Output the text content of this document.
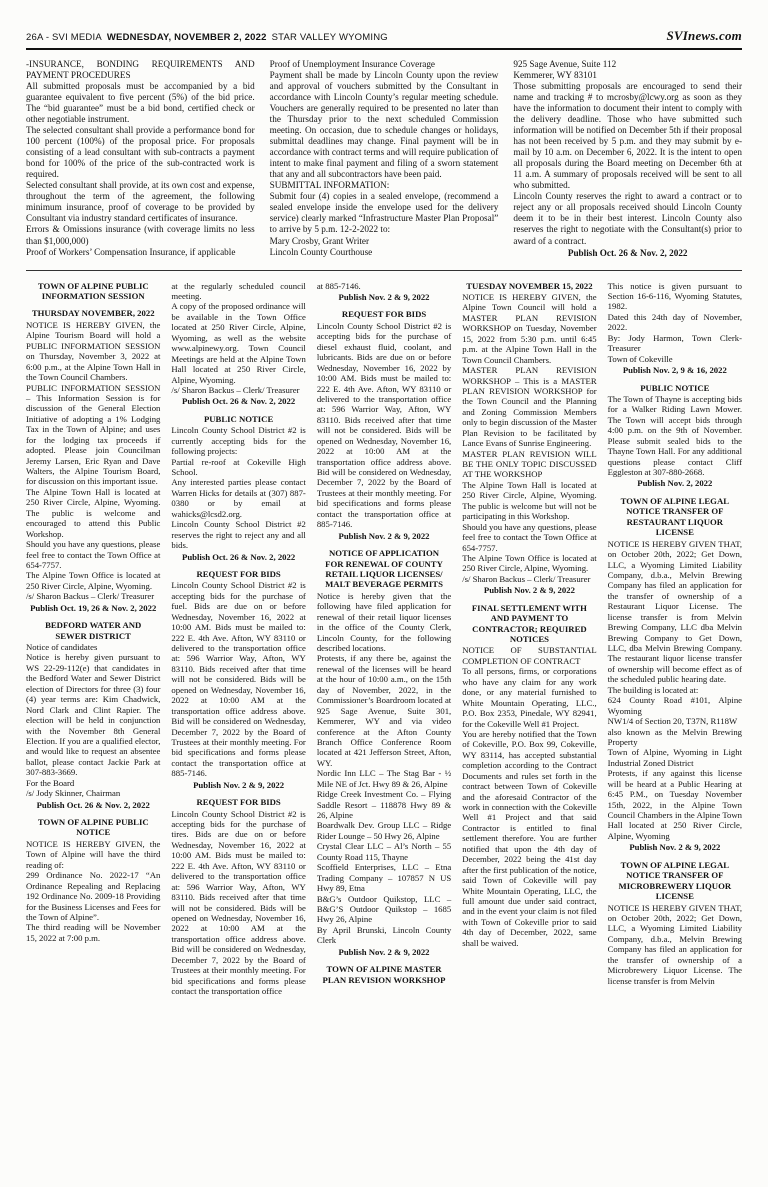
26A - SVI MEDIA WEDNESDAY, NOVEMBER 2, 2022 STAR VALLEY WYOMING	SVInews.com
-INSURANCE, BONDING REQUIREMENTS AND PAYMENT PROCEDURES
All submitted proposals must be accompanied by a bid guarantee equivalent to five percent (5%) of the bid price. The “bid guarantee” must be a bid bond, certified check or other negotiable instrument.
The selected consultant shall provide a performance bond for 100 percent (100%) of the proposal price. For proposals consisting of a lead consultant with sub-contracts a payment bond for 100% of the price of the sub-contracted work is required.
Selected consultant shall provide, at its own cost and expense, throughout the term of the agreement, the following minimum insurance, proof of coverage to be provided by Consultant via industry standard certificates of insurance.
Errors & Omissions insurance (with coverage limits no less than $1,000,000)
Proof of Workers’ Compensation Insurance, if applicable
Proof of Unemployment Insurance Coverage
Payment shall be made by Lincoln County upon the review and approval of vouchers submitted by the Consultant in accordance with Lincoln County’s regular meeting schedule. Vouchers are generally required to be presented no later than the Thursday prior to the next scheduled Commission meeting. On occasion, due to schedule changes or holidays, submittal deadlines may change. Final payment will be in accordance with contract terms and will require publication of intent to make final payment and filing of a sworn statement that any and all subcontractors have been paid.
SUBMITTAL INFORMATION:
Submit four (4) copies in a sealed envelope, (recommend a sealed envelope inside the envelope used for the delivery service) clearly marked “Infrastructure Master Plan Proposal” to arrive by 5 p.m. 12-2-2022 to:
Mary Crosby, Grant Writer
Lincoln County Courthouse
925 Sage Avenue, Suite 112
Kemmerer, WY 83101
Those submitting proposals are encouraged to send their name and tracking # to mcrosby@lcwy.org as soon as they have the information to document their intent to comply with the delivery deadline. Those who have submitted such information will be notified on December 5th if their proposal has not been received by 5 p.m. and they may submit by e-mail by 10 a.m. on December 6, 2022. It is the intent to open all proposals during the Board meeting on December 6th at 11 a.m. A summary of proposals received will be sent to all who submitted.
Lincoln County reserves the right to award a contract or to reject any or all proposals received should Lincoln County deem it to be in their best interest. Lincoln County also reserves the right to negotiate with the Consultant(s) prior to award of a contract.
Publish Oct. 26 & Nov. 2, 2022
TOWN OF ALPINE PUBLIC INFORMATION SESSION
THURSDAY NOVEMBER, 2022
NOTICE IS HEREBY GIVEN, the Alpine Tourism Board will hold a PUBLIC INFORMATION SESSION on Thursday, November 3, 2022 at 6:00 p.m., at the Alpine Town Hall in the Town Council Chambers.
PUBLIC INFORMATION SESSION – This Information Session is for discussion of the General Election Initiative of adopting a 1% Lodging Tax in the Town of Alpine; and uses for the lodging tax proceeds if adopted. Please join Councilman Jeremy Larsen, Eric Ryan and Dave Walters, the Alpine Tourism Board, for discussion on this important issue.
The Alpine Town Hall is located at 250 River Circle, Alpine, Wyoming. The public is welcome and encouraged to attend this Public Workshop.
Should you have any questions, please feel free to contact the Town Office at 654-7757.
The Alpine Town Office is located at 250 River Circle, Alpine, Wyoming.
/s/ Sharon Backus – Clerk/ Treasurer
Publish Oct. 19, 26 & Nov. 2, 2022
BEDFORD WATER AND SEWER DISTRICT
Notice of candidates
Notice is hereby given pursuant to WS 22-29-112(e) that candidates in the Bedford Water and Sewer District election of Directors for three (3) four (4) year terms are: Kim Chadwick, Nord Clark and Clint Rapier. The election will be held in conjunction with the November 8th General Election. If you are a qualified elector, and would like to request an absentee ballot, please contact Jackie Park at 307-883-3669.
For the Board
/s/ Jody Skinner, Chairman
Publish Oct. 26 & Nov. 2, 2022
TOWN OF ALPINE PUBLIC NOTICE
NOTICE IS HEREBY GIVEN, the Town of Alpine will have the third reading of:
299 Ordinance No. 2022-17 “An Ordinance Repealing and Replacing 192 Ordinance No. 2009-18 Providing for the Business Licenses and Fees for the Town of Alpine”.
The third reading will be November 15, 2022 at 7:00 p.m.
at the regularly scheduled council meeting.
A copy of the proposed ordinance will be available in the Town Office located at 250 River Circle, Alpine, Wyoming, as well as the website www.alpinewy.org. Town Council Meetings are held at the Alpine Town Hall located at 250 River Circle, Alpine, Wyoming.
/s/ Sharon Backus – Clerk/ Treasurer
Publish Oct. 26 & Nov. 2, 2022
PUBLIC NOTICE
Lincoln County School District #2 is currently accepting bids for the following projects:
Partial re-roof at Cokeville High School.
Any interested parties please contact Warren Hicks for details at (307) 887-0380 or by email at wahicks@lcsd2.org.
Lincoln County School District #2 reserves the right to reject any and all bids.
Publish Oct. 26 & Nov. 2, 2022
REQUEST FOR BIDS
Lincoln County School District #2 is accepting bids for the purchase of fuel. Bids are due on or before Wednesday, November 16, 2022 at 10:00 AM. Bids must be mailed to: 222 E. 4th Ave. Afton, WY 83110 or delivered to the transportation office at: 596 Warrior Way, Afton, WY 83110. Bids received after that time will not be considered. Bids will be opened on Wednesday, November 16, 2022 at 10:00 AM at the transportation office address above. Bid will be considered on Wednesday, December 7, 2022 by the Board of Trustees at their monthly meeting. For bid specifications and forms please contact the transportation office at 885-7146.
Publish Nov. 2 & 9, 2022
REQUEST FOR BIDS
Lincoln County School District #2 is accepting bids for the purchase of tires. Bids are due on or before Wednesday, November 16, 2022 at 10:00 AM. Bids must be mailed to: 222 E. 4th Ave. Afton, WY 83110 or delivered to the transportation office at: 596 Warrior Way, Afton, WY 83110. Bids received after that time will not be considered. Bids will be opened on Wednesday, November 16, 2022 at 10:00 AM at the transportation office address above. Bid will be considered on Wednesday, December 7, 2022 by the Board of Trustees at their monthly meeting. For bid specifications and forms please contact the transportation office
at 885-7146.
Publish Nov. 2 & 9, 2022
REQUEST FOR BIDS
Lincoln County School District #2 is accepting bids for the purchase of diesel exhaust fluid, coolant, and lubricants. Bids are due on or before Wednesday, November 16, 2022 by 10:00 AM. Bids must be mailed to: 222 E. 4th Ave. Afton, WY 83110 or delivered to the transportation office at: 596 Warrior Way, Afton, WY 83110. Bids received after that time will not be considered. Bids will be opened on Wednesday, November 16, 2022 at 10:00 AM at the transportation office address above. Bid will be considered on Wednesday, December 7, 2022 by the Board of Trustees at their monthly meeting. For bid specifications and forms please contact the transportation office at 885-7146.
Publish Nov. 2 & 9, 2022
NOTICE OF APPLICATION FOR RENEWAL OF COUNTY RETAIL LIQUOR LICENSES/ MALT BEVERAGE PERMITS
Notice is hereby given that the following have filed application for renewal of their retail liquor licenses in the office of the County Clerk, Lincoln County, for the following described locations.
Protests, if any there be, against the renewal of the licenses will be heard at the hour of 10:00 a.m., on the 15th day of November, 2022, in the Commissioner’s Boardroom located at 925 Sage Avenue, Suite 301, Kemmerer, WY and via video conference at the Afton County Branch Office Conference Room located at 421 Jefferson Street, Afton, WY.
Nordic Inn LLC – The Stag Bar - ½ Mile NE of Jct. Hwy 89 & 26, Alpine
Ridge Creek Investment Co. – Flying Saddle Resort – 118878 Hwy 89 & 26, Alpine
Boardwalk Dev. Group LLC – Ridge Rider Lounge – 50 Hwy 26, Alpine
Crystal Clear LLC – Al’s North – 55 County Road 115, Thayne
Scoffield Enterprises, LLC – Etna Trading Company – 107857 N US Hwy 89, Etna
B&G’s Outdoor Quikstop, LLC – B&G’S Outdoor Quikstop – 1685 Hwy 26, Alpine
By April Brunski, Lincoln County Clerk
Publish Nov. 2 & 9, 2022
TOWN OF ALPINE MASTER PLAN REVISION WORKSHOP
TUESDAY NOVEMBER 15, 2022
NOTICE IS HEREBY GIVEN, the Alpine Town Council will hold a MASTER PLAN REVISION WORKSHOP on Tuesday, November 15, 2022 from 5:30 p.m. until 6:45 p.m. at the Alpine Town Hall in the Town Council Chambers.
MASTER PLAN REVISION WORKSHOP – This is a MASTER PLAN REVISION WORKSHOP for the Town Council and the Planning and Zoning Commission Members only to begin discussion of the Master Plan Revision to be facilitated by Lance Evans of Sunrise Engineering.
MASTER PLAN REVISION WILL BE THE ONLY TOPIC DISCUSSED AT THE WORKSHOP
The Alpine Town Hall is located at 250 River Circle, Alpine, Wyoming. The public is welcome but will not be participating in this Workshop.
Should you have any questions, please feel free to contact the Town Office at 654-7757.
The Alpine Town Office is located at 250 River Circle, Alpine, Wyoming.
/s/ Sharon Backus – Clerk/ Treasurer
Publish Nov. 2 & 9, 2022
FINAL SETTLEMENT WITH AND PAYMENT TO CONTRACTOR; REQUIRED NOTICES
NOTICE OF SUBSTANTIAL COMPLETION OF CONTRACT
To all persons, firms, or corporations who have any claim for any work done, or any material furnished to White Mountain Operating, LLC., P.O. Box 2353, Pinedale, WY 82941, for the Cokeville Well #1 Project.
You are hereby notified that the Town of Cokeville, P.O. Box 99, Cokeville, WY 83114, has accepted substantial completion according to the Contract Documents and rules set forth in the contract between Town of Cokeville and the aforesaid Contractor of the work in connection with the Cokeville Well #1 Project and that said Contractor is entitled to final settlement therefore. You are further notified that upon the 4th day of December, 2022 being the 41st day after the first publication of the notice, said Town of Cokeville will pay White Mountain Operating, LLC, the full amount due under said contract, and in the event your claim is not filed with Town of Cokeville prior to said 4th day of December, 2022, same shall be waived.
This notice is given pursuant to Section 16-6-116, Wyoming Statutes, 1982.
Dated this 24th day of November, 2022.
By: Jody Harmon, Town Clerk-Treasurer
Town of Cokeville
Publish Nov. 2, 9 & 16, 2022
PUBLIC NOTICE
The Town of Thayne is accepting bids for a Walker Riding Lawn Mower. The Town will accept bids through 4:00 p.m. on the 9th of November. Please submit sealed bids to the Thayne Town Hall. For any additional questions please contact Cliff Eggleston at 307-880-2668.
Publish Nov. 2, 2022
TOWN OF ALPINE LEGAL NOTICE TRANSFER OF RESTAURANT LIQUOR LICENSE
NOTICE IS HEREBY GIVEN THAT, on October 20th, 2022; Get Down, LLC, a Wyoming Limited Liability Company, d.b.a., Melvin Brewing Company has filed an application for the transfer of ownership of a Restaurant Liquor License. The license transfer is from Melvin Brewing Company, LLC dba Melvin Brewing Company to Get Down, LLC, dba Melvin Brewing Company. The restaurant liquor license transfer of ownership will become effect as of the scheduled public hearing date.
The building is located at:
624 County Road #101, Alpine Wyoming
NW1/4 of Section 20, T37N, R118W
also known as the Melvin Brewing Property
Town of Alpine, Wyoming in Light Industrial Zoned District
Protests, if any against this license will be heard at a Public Hearing at 6:45 P.M., on Tuesday November 15th, 2022, in the Alpine Town Council Chambers in the Alpine Town Hall located at 250 River Circle, Alpine, Wyoming
Publish Nov. 2 & 9, 2022
TOWN OF ALPINE LEGAL NOTICE TRANSFER OF MICROBREWERY LIQUOR LICENSE
NOTICE IS HEREBY GIVEN THAT, on October 20th, 2022; Get Down, LLC, a Wyoming Limited Liability Company, d.b.a., Melvin Brewing Company has filed an application for the transfer of ownership of a Microbrewery Liquor License. The license transfer is from Melvin
